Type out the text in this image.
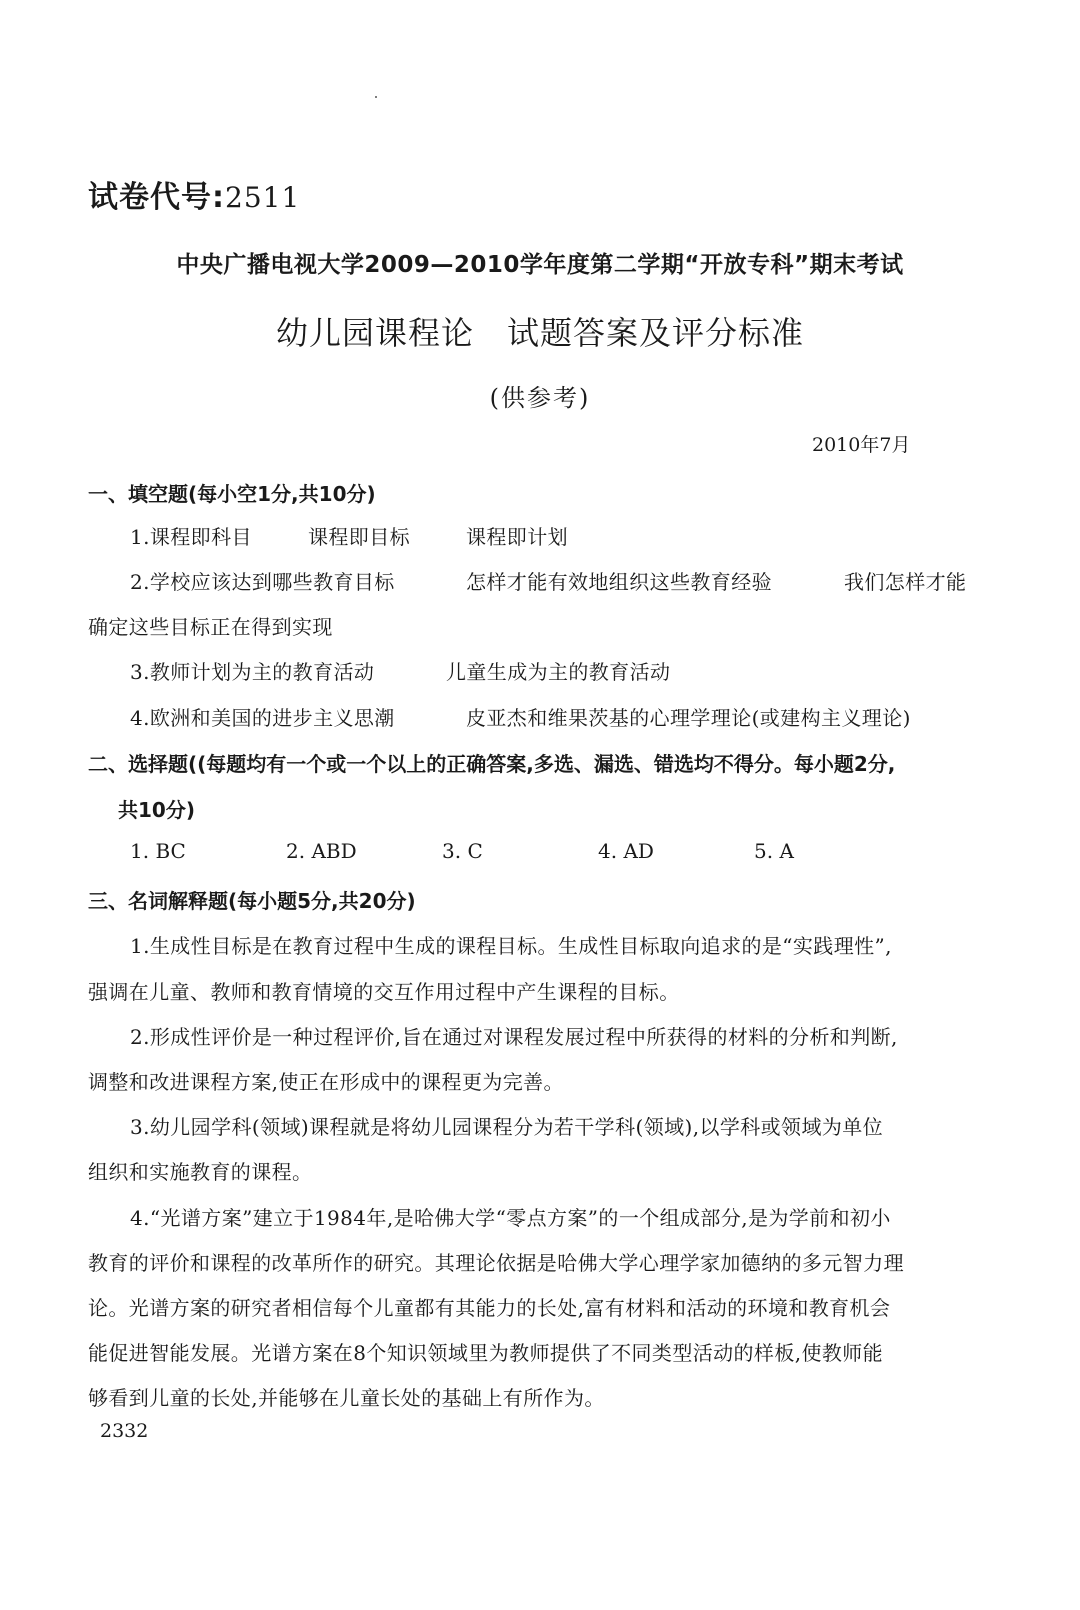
试卷代号:2511
中央广播电视大学2009—2010学年度第二学期“开放专科”期末考试
幼儿园课程论　试题答案及评分标准
(供参考)
2010年7月
一、填空题(每小空1分,共10分)
1.课程即科目	课程即目标	课程即计划
2.学校应该达到哪些教育目标	怎样才能有效地组织这些教育经验	我们怎样才能
确定这些目标正在得到实现
3.教师计划为主的教育活动	儿童生成为主的教育活动
4.欧洲和美国的进步主义思潮	皮亚杰和维果茨基的心理学理论(或建构主义理论)
二、选择题((每题均有一个或一个以上的正确答案,多选、漏选、错选均不得分。每小题2分,
共10分)
1. BC	2. ABD	3. C	4. AD	5. A
三、名词解释题(每小题5分,共20分)
1.生成性目标是在教育过程中生成的课程目标。生成性目标取向追求的是“实践理性”,
强调在儿童、教师和教育情境的交互作用过程中产生课程的目标。
2.形成性评价是一种过程评价,旨在通过对课程发展过程中所获得的材料的分析和判断,
调整和改进课程方案,使正在形成中的课程更为完善。
3.幼儿园学科(领域)课程就是将幼儿园课程分为若干学科(领域),以学科或领域为单位
组织和实施教育的课程。
4.“光谱方案”建立于1984年,是哈佛大学“零点方案”的一个组成部分,是为学前和初小
教育的评价和课程的改革所作的研究。其理论依据是哈佛大学心理学家加德纳的多元智力理
论。光谱方案的研究者相信每个儿童都有其能力的长处,富有材料和活动的环境和教育机会
能促进智能发展。光谱方案在8个知识领域里为教师提供了不同类型活动的样板,使教师能
够看到儿童的长处,并能够在儿童长处的基础上有所作为。
2332
